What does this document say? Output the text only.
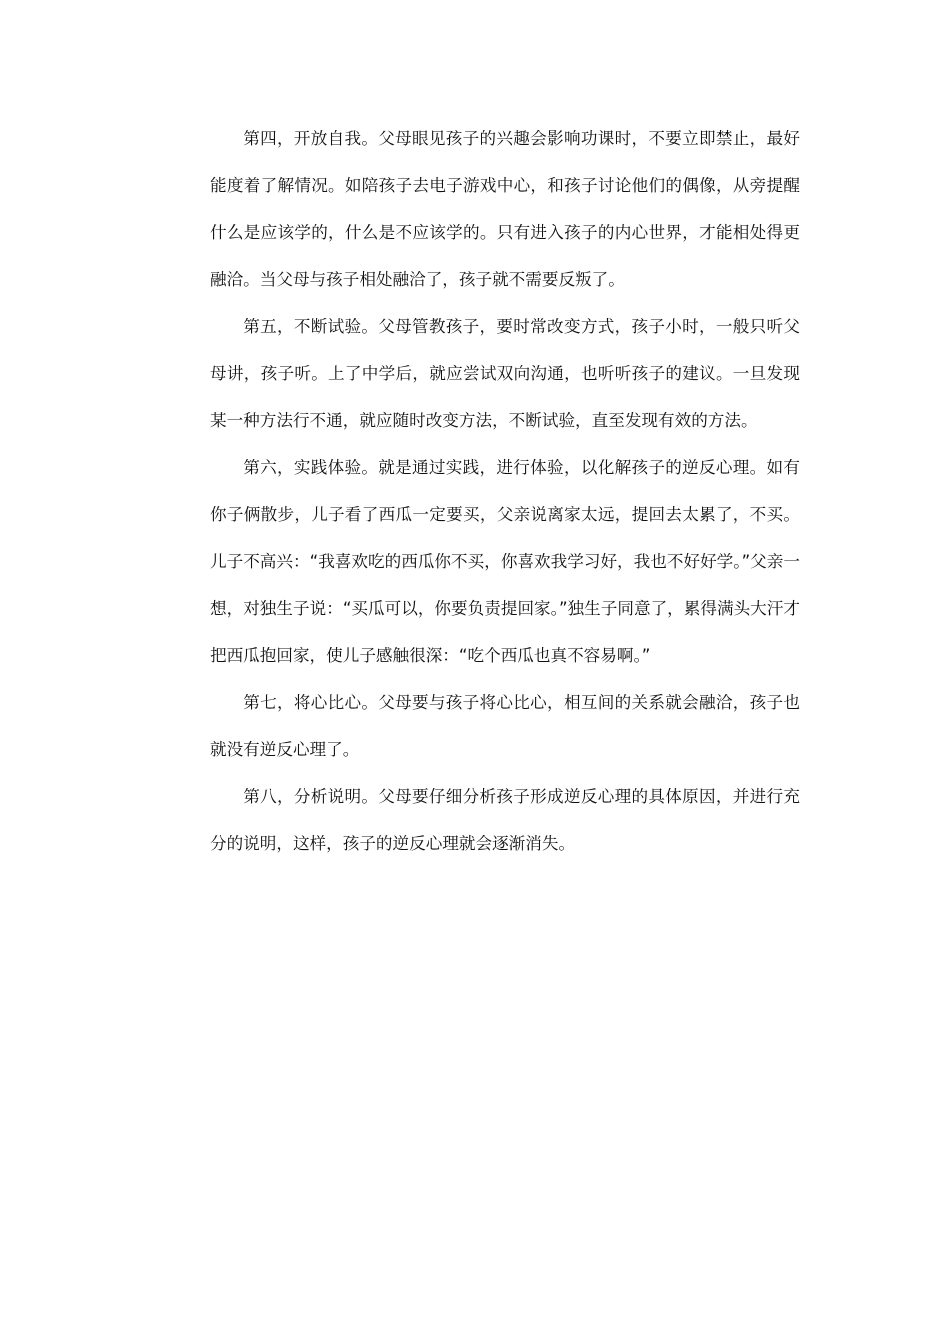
第四，开放自我。父母眼见孩子的兴趣会影响功课时，不要立即禁止，最好能度着了解情况。如陪孩子去电子游戏中心，和孩子讨论他们的偶像，从旁提醒什么是应该学的，什么是不应该学的。只有进入孩子的内心世界，才能相处得更融洽。当父母与孩子相处融洽了，孩子就不需要反叛了。

第五，不断试验。父母管教孩子，要时常改变方式，孩子小时，一般只听父母讲，孩子听。上了中学后，就应尝试双向沟通，也听听孩子的建议。一旦发现某一种方法行不通，就应随时改变方法，不断试验，直至发现有效的方法。

第六，实践体验。就是通过实践，进行体验，以化解孩子的逆反心理。如有你子俩散步，儿子看了西瓜一定要买，父亲说离家太远，提回去太累了，不买。儿子不高兴：“我喜欢吃的西瓜你不买，你喜欢我学习好，我也不好好学。”父亲一想，对独生子说：“买瓜可以，你要负责提回家。”独生子同意了，累得满头大汗才把西瓜抱回家，使儿子感触很深：“吃个西瓜也真不容易啊。”

第七，将心比心。父母要与孩子将心比心，相互间的关系就会融洽，孩子也就没有逆反心理了。

第八，分析说明。父母要仔细分析孩子形成逆反心理的具体原因，并进行充分的说明，这样，孩子的逆反心理就会逐渐消失。
